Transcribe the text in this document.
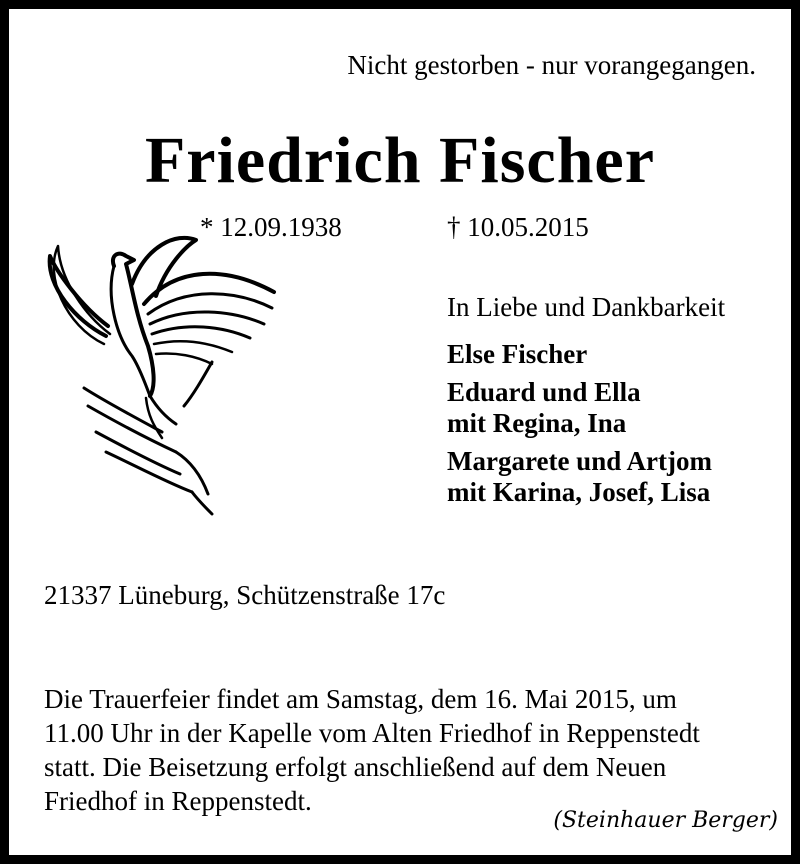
Nicht gestorben - nur vorangegangen.
Friedrich Fischer
* 12.09.1938	† 10.05.2015
In Liebe und Dankbarkeit
Else Fischer
Eduard und Ella
mit Regina, Ina
Margarete und Artjom
mit Karina, Josef, Lisa
21337 Lüneburg, Schützenstraße 17c
Die Trauerfeier findet am Samstag, dem 16. Mai 2015, um
11.00 Uhr in der Kapelle vom Alten Friedhof in Reppenstedt
statt. Die Beisetzung erfolgt anschließend auf dem Neuen
Friedhof in Reppenstedt.
(Steinhauer Berger)
